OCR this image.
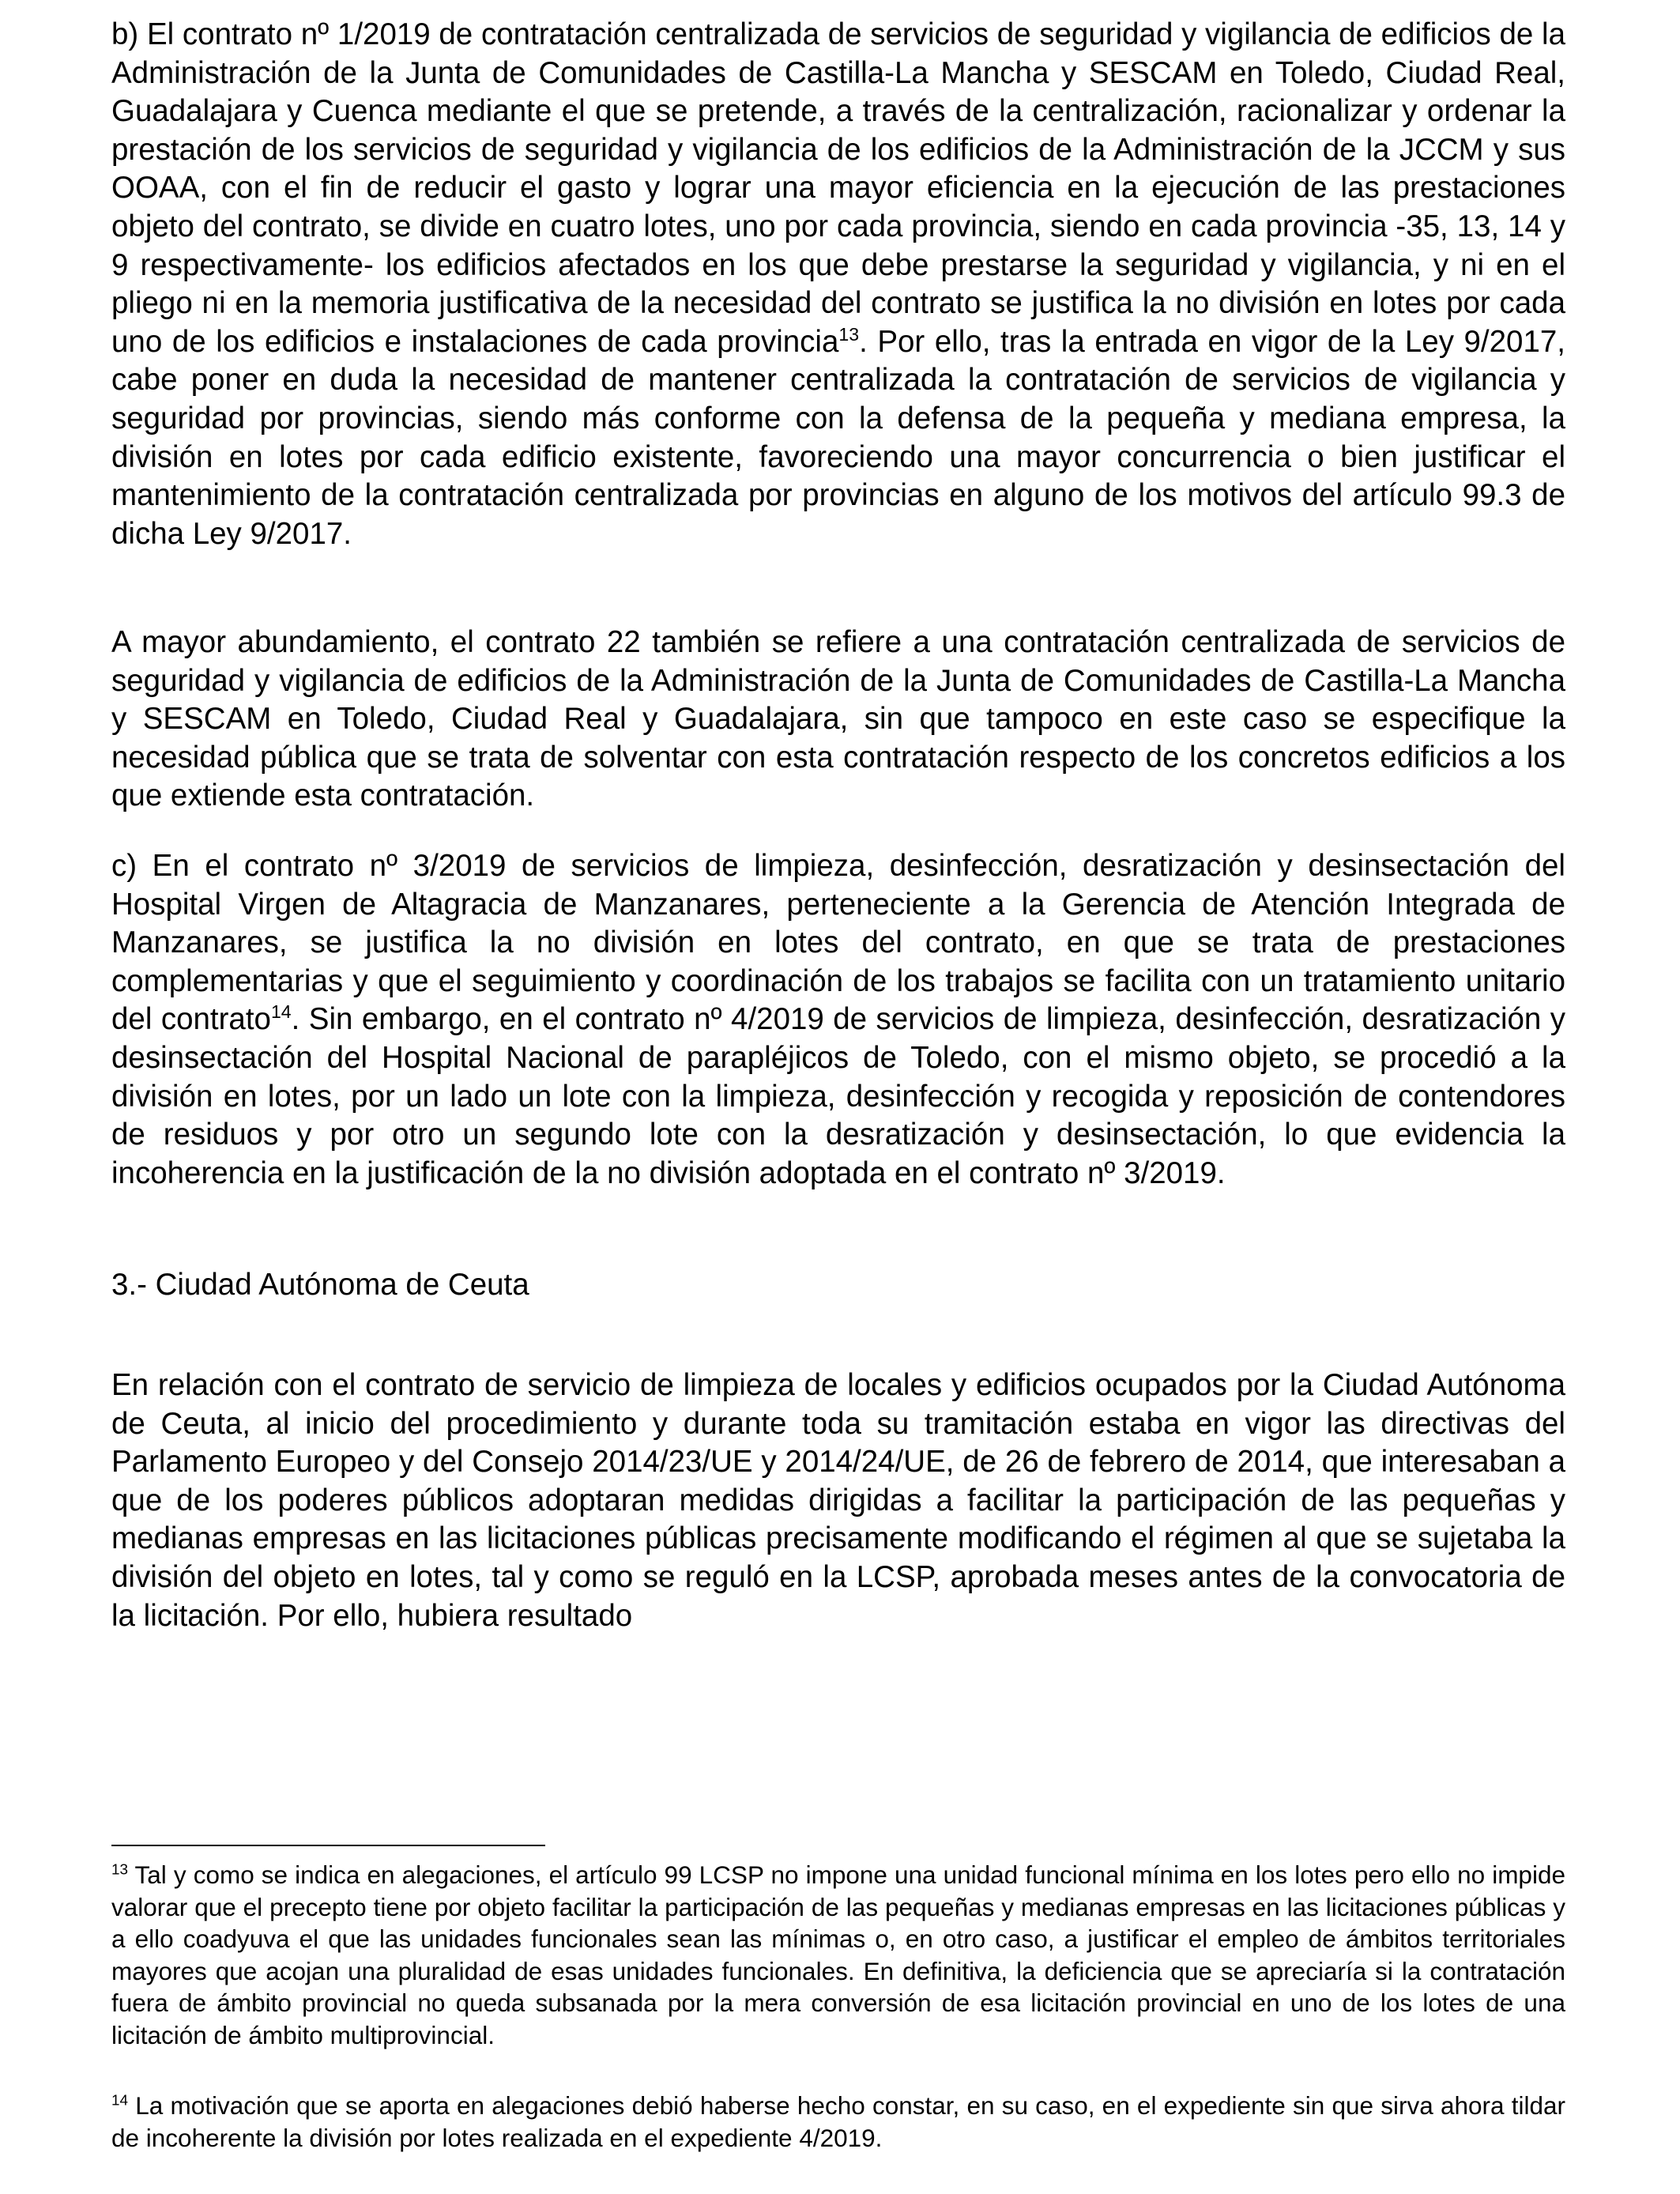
b) El contrato nº 1/2019 de contratación centralizada de servicios de seguridad y vigilancia de edificios de la Administración de la Junta de Comunidades de Castilla-La Mancha y SESCAM en Toledo, Ciudad Real, Guadalajara y Cuenca mediante el que se pretende, a través de la centralización, racionalizar y ordenar la prestación de los servicios de seguridad y vigilancia de los edificios de la Administración de la JCCM y sus OOAA, con el fin de reducir el gasto y lograr una mayor eficiencia en la ejecución de las prestaciones objeto del contrato, se divide en cuatro lotes, uno por cada provincia, siendo en cada provincia -35, 13, 14 y 9 respectivamente- los edificios afectados en los que debe prestarse la seguridad y vigilancia, y ni en el pliego ni en la memoria justificativa de la necesidad del contrato se justifica la no división en lotes por cada uno de los edificios e instalaciones de cada provincia$^{13}$. Por ello, tras la entrada en vigor de la Ley 9/2017, cabe poner en duda la necesidad de mantener centralizada la contratación de servicios de vigilancia y seguridad por provincias, siendo más conforme con la defensa de la pequeña y mediana empresa, la división en lotes por cada edificio existente, favoreciendo una mayor concurrencia o bien justificar el mantenimiento de la contratación centralizada por provincias en alguno de los motivos del artículo 99.3 de dicha Ley 9/2017.

A mayor abundamiento, el contrato 22 también se refiere a una contratación centralizada de servicios de seguridad y vigilancia de edificios de la Administración de la Junta de Comunidades de Castilla-La Mancha y SESCAM en Toledo, Ciudad Real y Guadalajara, sin que tampoco en este caso se especifique la necesidad pública que se trata de solventar con esta contratación respecto de los concretos edificios a los que extiende esta contratación.

c) En el contrato nº 3/2019 de servicios de limpieza, desinfección, desratización y desinsectación del Hospital Virgen de Altagracia de Manzanares, perteneciente a la Gerencia de Atención Integrada de Manzanares, se justifica la no división en lotes del contrato, en que se trata de prestaciones complementarias y que el seguimiento y coordinación de los trabajos se facilita con un tratamiento unitario del contrato$^{14}$. Sin embargo, en el contrato nº 4/2019 de servicios de limpieza, desinfección, desratización y desinsectación del Hospital Nacional de parapléjicos de Toledo, con el mismo objeto, se procedió a la división en lotes, por un lado un lote con la limpieza, desinfección y recogida y reposición de contendores de residuos y por otro un segundo lote con la desratización y desinsectación, lo que evidencia la incoherencia en la justificación de la no división adoptada en el contrato nº 3/2019.

3.- Ciudad Autónoma de Ceuta

En relación con el contrato de servicio de limpieza de locales y edificios ocupados por la Ciudad Autónoma de Ceuta, al inicio del procedimiento y durante toda su tramitación estaba en vigor las directivas del Parlamento Europeo y del Consejo 2014/23/UE y 2014/24/UE, de 26 de febrero de 2014, que interesaban a que de los poderes públicos adoptaran medidas dirigidas a facilitar la participación de las pequeñas y medianas empresas en las licitaciones públicas precisamente modificando el régimen al que se sujetaba la división del objeto en lotes, tal y como se reguló en la LCSP, aprobada meses antes de la convocatoria de la licitación. Por ello, hubiera resultado

$^{13}$ Tal y como se indica en alegaciones, el artículo 99 LCSP no impone una unidad funcional mínima en los lotes pero ello no impide valorar que el precepto tiene por objeto facilitar la participación de las pequeñas y medianas empresas en las licitaciones públicas y a ello coadyuva el que las unidades funcionales sean las mínimas o, en otro caso, a justificar el empleo de ámbitos territoriales mayores que acojan una pluralidad de esas unidades funcionales. En definitiva, la deficiencia que se apreciaría si la contratación fuera de ámbito provincial no queda subsanada por la mera conversión de esa licitación provincial en uno de los lotes de una licitación de ámbito multiprovincial.

$^{14}$ La motivación que se aporta en alegaciones debió haberse hecho constar, en su caso, en el expediente sin que sirva ahora tildar de incoherente la división por lotes realizada en el expediente 4/2019.
